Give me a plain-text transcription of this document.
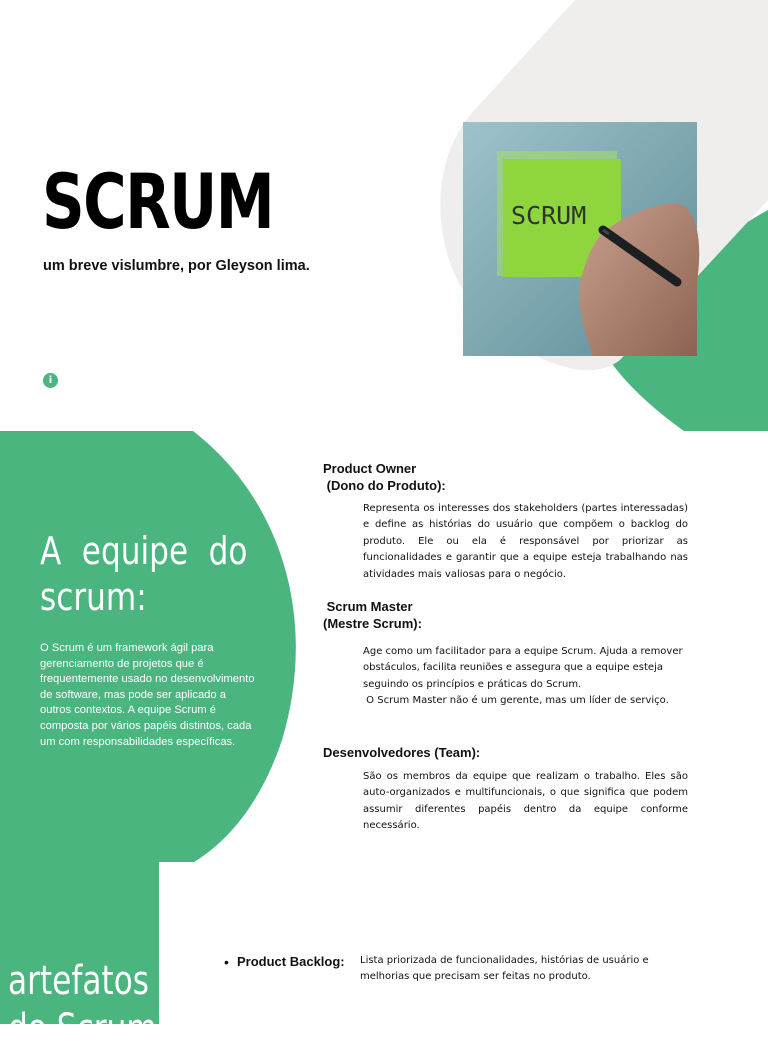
SCRUM
SCRUM
um breve vislumbre, por Gleyson lima.
i
A equipe do scrum:

O Scrum é um framework ágil para gerenciamento de projetos que é frequentemente usado no desenvolvimento de software, mas pode ser aplicado a outros contextos. A equipe Scrum é composta por vários papéis distintos, cada um com responsabilidades específicas.

Product Owner
(Dono do Produto):

Representa os interesses dos stakeholders (partes interessadas) e define as histórias do usuário que compõem o backlog do produto. Ele ou ela é responsável por priorizar as funcionalidades e garantir que a equipe esteja trabalhando nas atividades mais valiosas para o negócio.

Scrum Master
(Mestre Scrum):
Age como um facilitador para a equipe Scrum. Ajuda a remover obstáculos, facilita reuniões e assegura que a equipe esteja seguindo os princípios e práticas do Scrum.
O Scrum Master não é um gerente, mas um líder de serviço.
Desenvolvedores (Team):

São os membros da equipe que realizam o trabalho. Eles são auto-organizados e multifuncionais, o que significa que podem assumir diferentes papéis dentro da equipe conforme necessário.

artefatos
do Scrum
• Product Backlog: Lista priorizada de funcionalidades, histórias de usuário e melhorias que precisam ser feitas no produto.
